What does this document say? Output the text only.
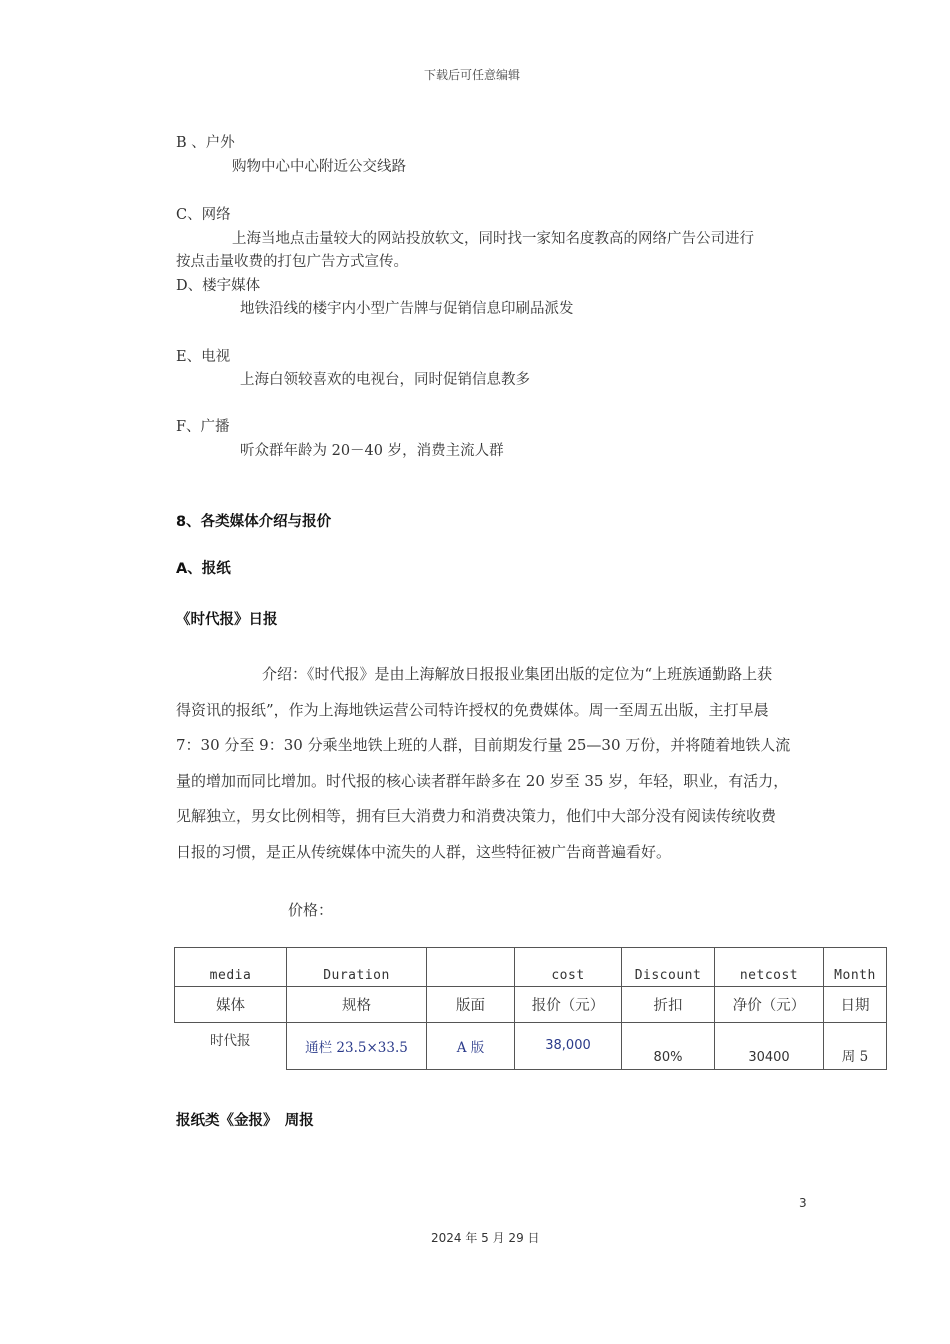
下载后可任意编辑
B 、户外
购物中心中心附近公交线路
C、网络
上海当地点击量较大的网站投放软文，同时找一家知名度教高的网络广告公司进行
按点击量收费的打包广告方式宣传。
D、楼宇媒体
地铁沿线的楼宇内小型广告牌与促销信息印刷品派发
E、电视
上海白领较喜欢的电视台，同时促销信息教多
F、广播
听众群年龄为 20－40 岁，消费主流人群
8、各类媒体介绍与报价
A、报纸
《时代报》日报
介绍：《时代报》是由上海解放日报报业集团出版的定位为“上班族通勤路上获
得资讯的报纸”，作为上海地铁运营公司特许授权的免费媒体。周一至周五出版，主打早晨
7：30 分至 9：30 分乘坐地铁上班的人群，目前期发行量 25—30 万份，并将随着地铁人流
量的增加而同比增加。时代报的核心读者群年龄多在 20 岁至 35 岁，年轻，职业，有活力，
见解独立，男女比例相等，拥有巨大消费力和消费决策力，他们中大部分没有阅读传统收费
日报的习惯，是正从传统媒体中流失的人群，这些特征被广告商普遍看好。
价格：
media	Duration		cost	Discount	netcost	Month
媒体	规格	版面	报价（元）	折扣	净价（元）	日期
时代报	通栏 23.5×33.5	A 版	38,000	80%	30400	周 5
报纸类《金报》　周报
3
2024 年 5 月 29 日
